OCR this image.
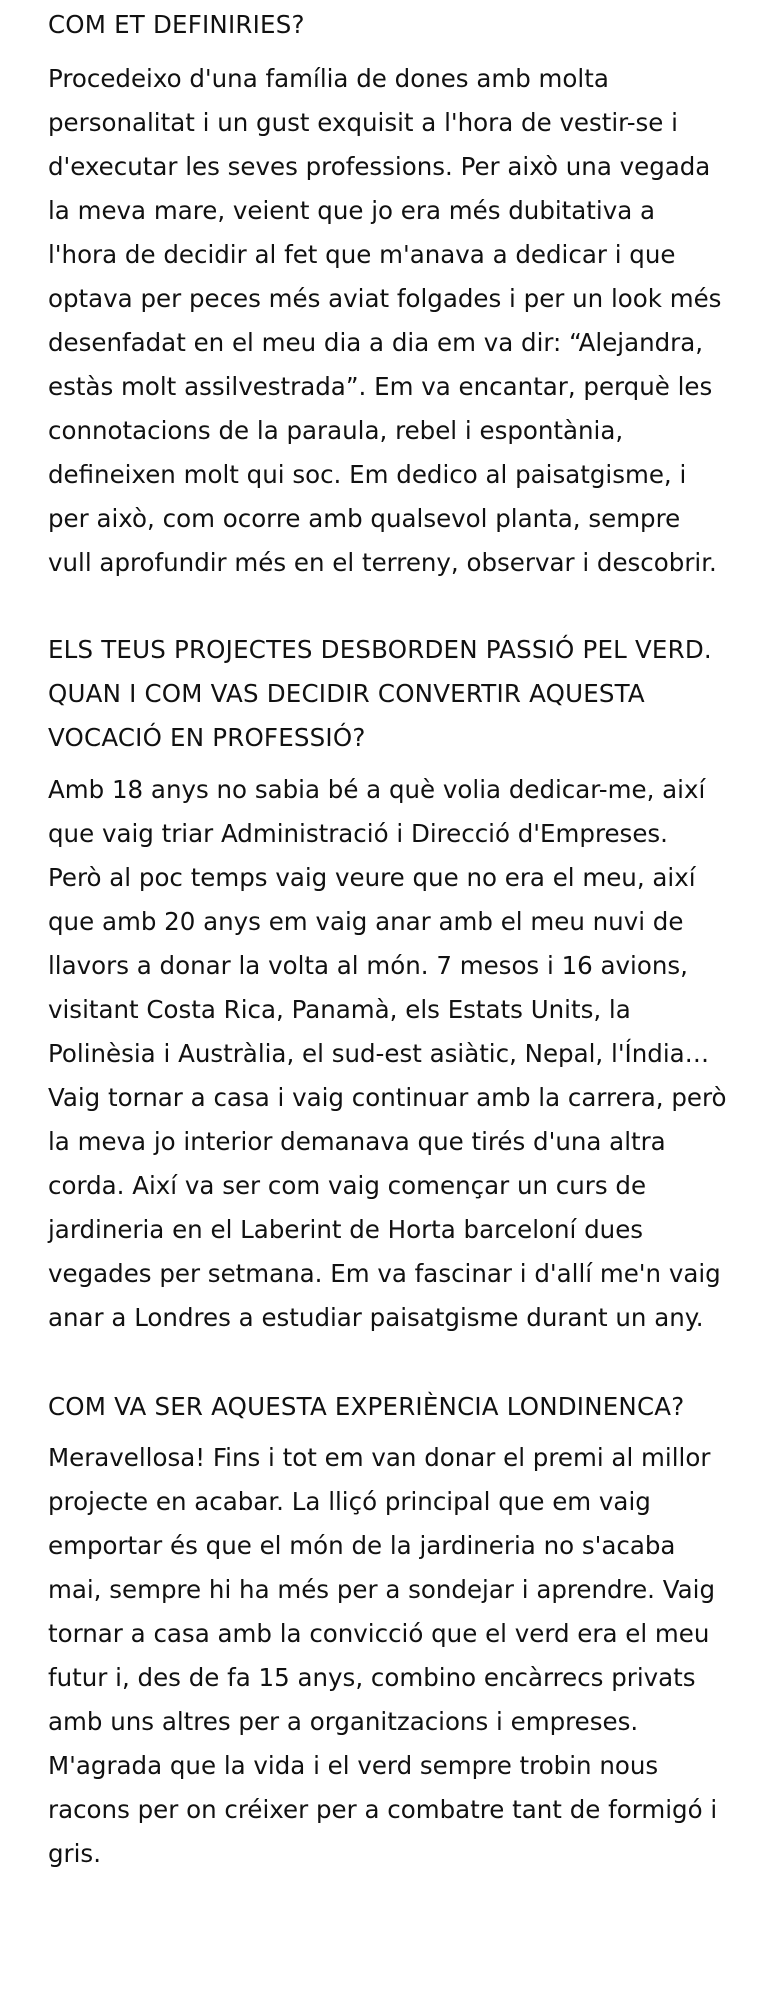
COM ET DEFINIRIES?

Procedeixo d'una família de dones amb molta personalitat i un gust exquisit a l'hora de vestir-se i d'executar les seves professions. Per això una vegada la meva mare, veient que jo era més dubitativa a l'hora de decidir al fet que m'anava a dedicar i que optava per peces més aviat folgades i per un look més desenfadat en el meu dia a dia em va dir: “Alejandra, estàs molt assilvestrada”. Em va encantar, perquè les connotacions de la paraula, rebel i espontània, defineixen molt qui soc. Em dedico al paisatgisme, i per això, com ocorre amb qualsevol planta, sempre vull aprofundir més en el terreny, observar i descobrir.

ELS TEUS PROJECTES DESBORDEN PASSIÓ PEL VERD. QUAN I COM VAS DECIDIR CONVERTIR AQUESTA VOCACIÓ EN PROFESSIÓ?

Amb 18 anys no sabia bé a què volia dedicar-me, així que vaig triar Administració i Direcció d'Empreses. Però al poc temps vaig veure que no era el meu, així que amb 20 anys em vaig anar amb el meu nuvi de llavors a donar la volta al món. 7 mesos i 16 avions, visitant Costa Rica, Panamà, els Estats Units, la Polinèsia i Austràlia, el sud-est asiàtic, Nepal, l'Índia… Vaig tornar a casa i vaig continuar amb la carrera, però la meva jo interior demanava que tirés d'una altra corda. Així va ser com vaig començar un curs de jardineria en el Laberint de Horta barceloní dues vegades per setmana. Em va fascinar i d'allí me'n vaig anar a Londres a estudiar paisatgisme durant un any.

COM VA SER AQUESTA EXPERIÈNCIA LONDINENCA?

Meravellosa! Fins i tot em van donar el premi al millor projecte en acabar. La lliçó principal que em vaig emportar és que el món de la jardineria no s'acaba mai, sempre hi ha més per a sondejar i aprendre. Vaig tornar a casa amb la convicció que el verd era el meu futur i, des de fa 15 anys, combino encàrrecs privats amb uns altres per a organitzacions i empreses. M'agrada que la vida i el verd sempre trobin nous racons per on créixer per a combatre tant de formigó i gris.
